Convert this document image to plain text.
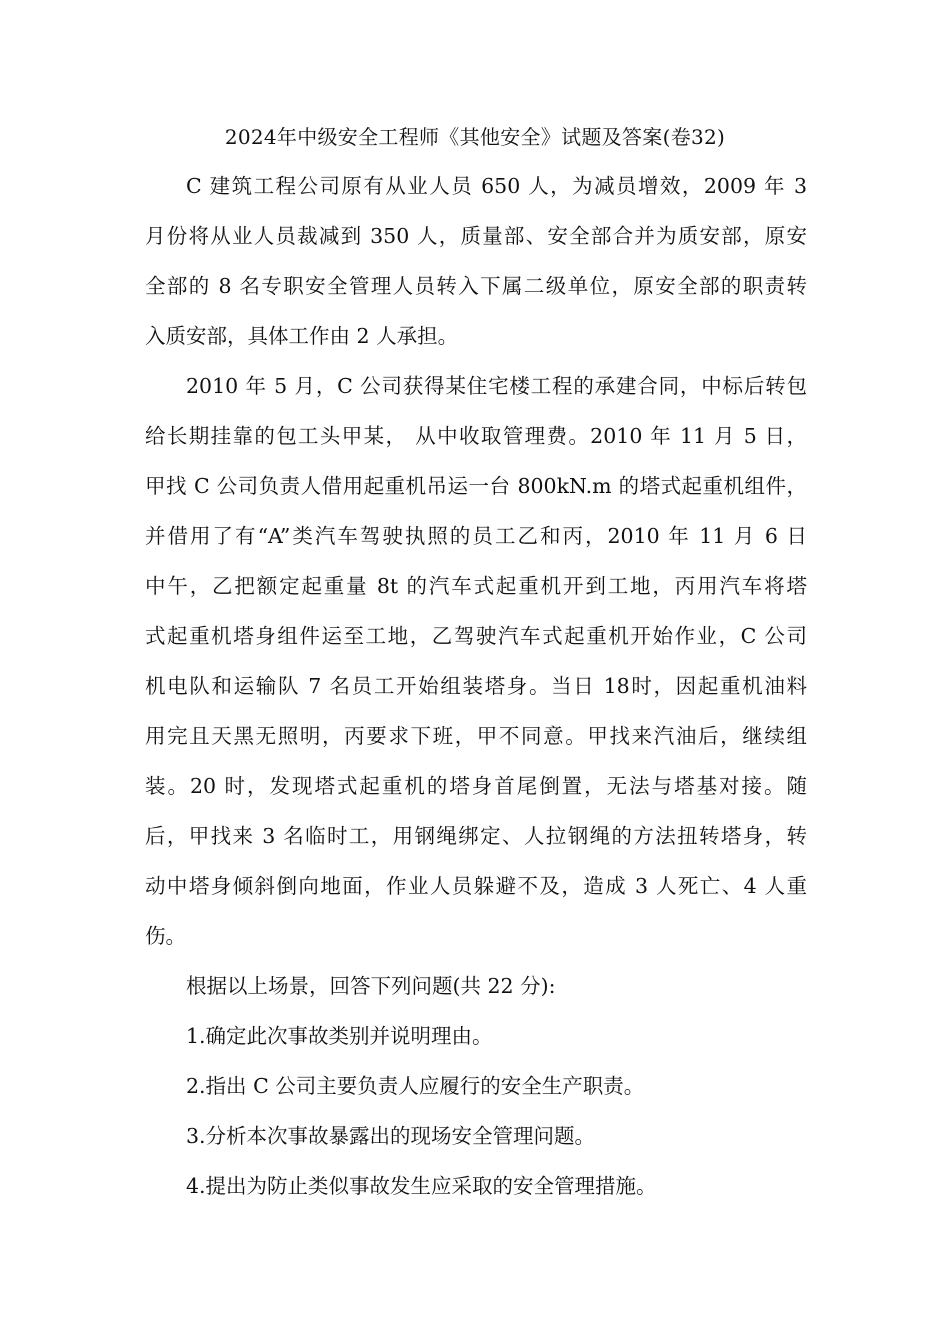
2024年中级安全工程师《其他安全》试题及答案(卷32)
C 建筑工程公司原有从业人员 650 人，为减员增效，2009 年 3
月份将从业人员裁减到 350 人，质量部、安全部合并为质安部，原安
全部的 8 名专职安全管理人员转入下属二级单位，原安全部的职责转
入质安部，具体工作由 2 人承担。
2010 年 5 月，C 公司获得某住宅楼工程的承建合同，中标后转包
给长期挂靠的包工头甲某， 从中收取管理费。2010 年 11 月 5 日，
甲找 C 公司负责人借用起重机吊运一台 800kN.m 的塔式起重机组件，
并借用了有“A”类汽车驾驶执照的员工乙和丙，2010 年 11 月 6 日
中午，乙把额定起重量 8t 的汽车式起重机开到工地，丙用汽车将塔
式起重机塔身组件运至工地，乙驾驶汽车式起重机开始作业，C 公司
机电队和运输队 7 名员工开始组装塔身。当日 18时，因起重机油料
用完且天黑无照明，丙要求下班，甲不同意。甲找来汽油后，继续组
装。20 时，发现塔式起重机的塔身首尾倒置，无法与塔基对接。随
后，甲找来 3 名临时工，用钢绳绑定、人拉钢绳的方法扭转塔身，转
动中塔身倾斜倒向地面，作业人员躲避不及，造成 3 人死亡、4 人重
伤。
根据以上场景，回答下列问题(共 22 分):
1.确定此次事故类别并说明理由。
2.指出 C 公司主要负责人应履行的安全生产职责。
3.分析本次事故暴露出的现场安全管理问题。
4.提出为防止类似事故发生应采取的安全管理措施。
